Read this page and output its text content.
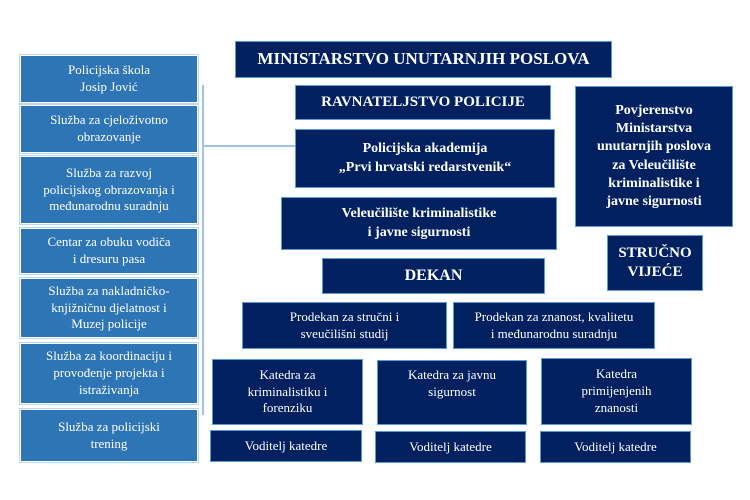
Policijska škola
Josip Jović
Služba za cjeloživotno
obrazovanje
Služba za razvoj
policijskog obrazovanja i
međunarodnu suradnju
Centar za obuku vodiča
i dresuru pasa
Služba za nakladničko-
knjižničnu djelatnost i
Muzej policije
Služba za koordinaciju i
provođenje projekta i
istraživanja
Služba za policijski
trening
MINISTARSTVO UNUTARNJIH POSLOVA
RAVNATELJSTVO POLICIJE
Policijska akademija
„Prvi hrvatski redarstvenik“
Veleučilište kriminalistike
i javne sigurnosti
DEKAN
Povjerenstvo
Ministarstva
unutarnjih poslova
za Veleučilište
kriminalistike i
javne sigurnosti
STRUČNO
VIJEĆE
Prodekan za stručni i
sveučilišni studij
Prodekan za znanost, kvalitetu
i međunarodnu suradnju
Katedra za
kriminalistiku i
forenziku
Katedra za javnu
sigurnost
Katedra
primijenjenih
znanosti
Voditelj katedre	Voditelj katedre	Voditelj katedre
